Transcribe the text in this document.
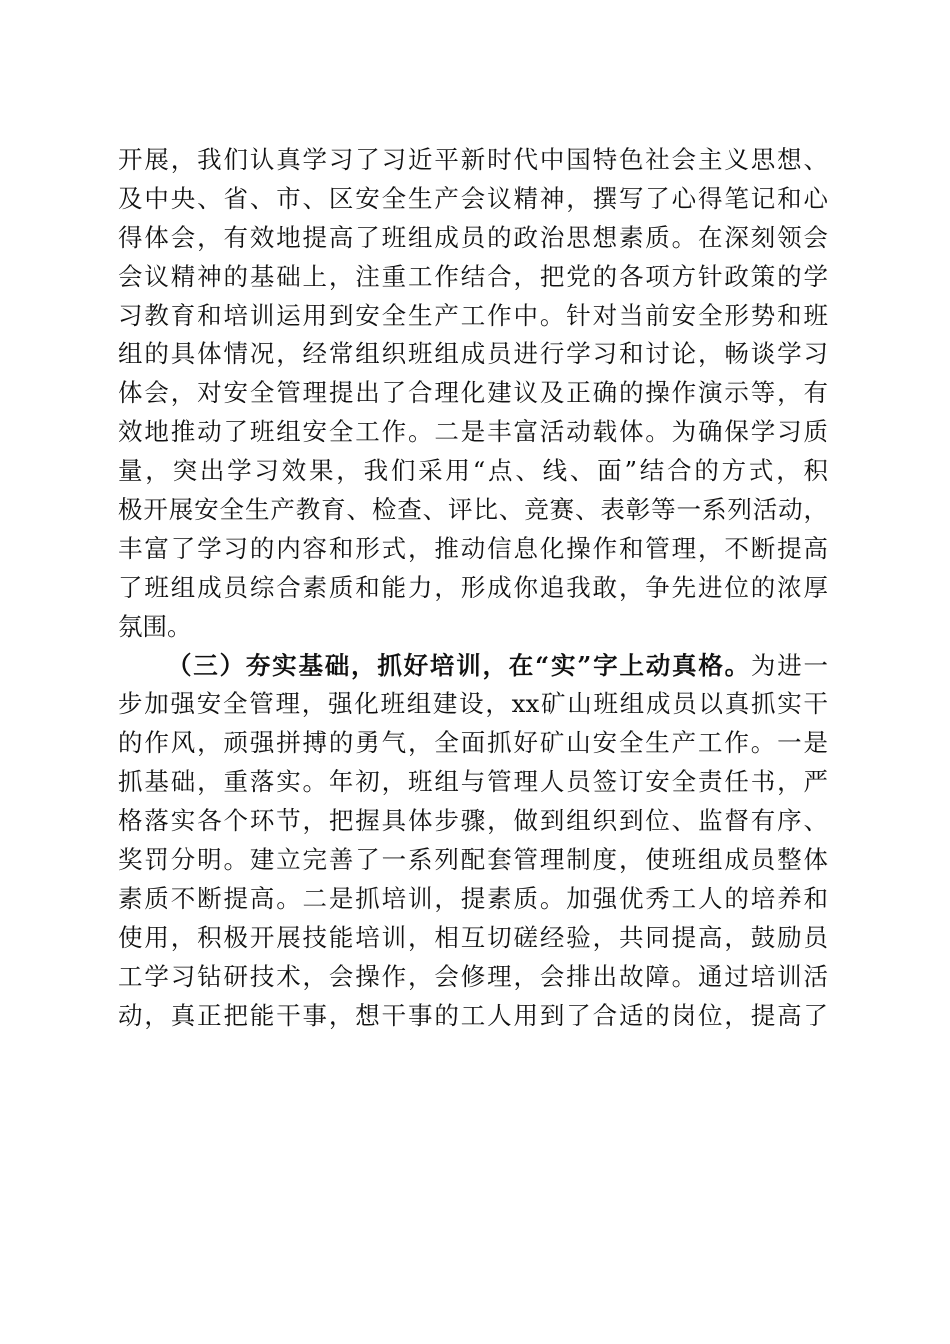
开展，我们认真学习了习近平新时代中国特色社会主义思想、
及中央、省、市、区安全生产会议精神，撰写了心得笔记和心
得体会，有效地提高了班组成员的政治思想素质。在深刻领会
会议精神的基础上，注重工作结合，把党的各项方针政策的学
习教育和培训运用到安全生产工作中。针对当前安全形势和班
组的具体情况，经常组织班组成员进行学习和讨论，畅谈学习
体会，对安全管理提出了合理化建议及正确的操作演示等，有
效地推动了班组安全工作。二是丰富活动载体。为确保学习质
量，突出学习效果，我们采用“点、线、面”结合的方式，积
极开展安全生产教育、检查、评比、竞赛、表彰等一系列活动，
丰富了学习的内容和形式，推动信息化操作和管理，不断提高
了班组成员综合素质和能力，形成你追我敢，争先进位的浓厚
氛围。
（三）夯实基础，抓好培训，在“实”字上动真格。为进一
步加强安全管理，强化班组建设，xx矿山班组成员以真抓实干
的作风，顽强拼搏的勇气，全面抓好矿山安全生产工作。一是
抓基础，重落实。年初，班组与管理人员签订安全责任书，严
格落实各个环节，把握具体步骤，做到组织到位、监督有序、
奖罚分明。建立完善了一系列配套管理制度，使班组成员整体
素质不断提高。二是抓培训，提素质。加强优秀工人的培养和
使用，积极开展技能培训，相互切磋经验，共同提高，鼓励员
工学习钻研技术，会操作，会修理，会排出故障。通过培训活
动，真正把能干事，想干事的工人用到了合适的岗位，提高了
